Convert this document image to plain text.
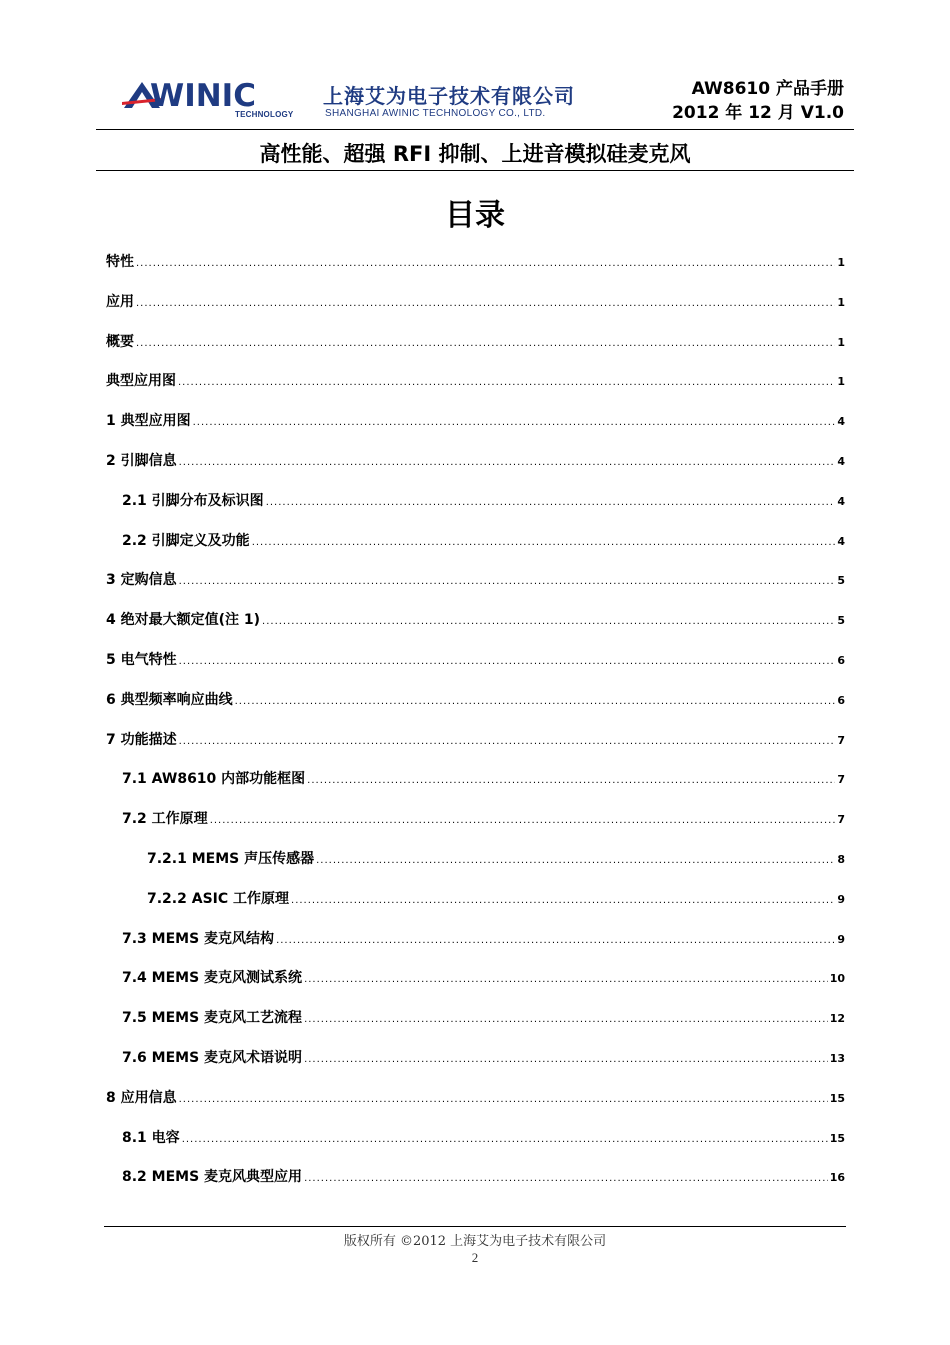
WINIC
TECHNOLOGY
上海艾为电子技术有限公司
SHANGHAI AWINIC TECHNOLOGY CO., LTD.
AW8610 产品手册
2012 年 12 月 V1.0
高性能、超强 RFI 抑制、上进音模拟硅麦克风
目录
特性 .....	1
应用 .....	1
概要 .....	1
典型应用图 .....	1
1 典型应用图 .....	4
2 引脚信息 .....	4
2.1 引脚分布及标识图 .....	4
2.2 引脚定义及功能 .....	4
3 定购信息 .....	5
4 绝对最大额定值(注 1) .....	5
5 电气特性 .....	6
6 典型频率响应曲线 .....	6
7 功能描述 .....	7
7.1 AW8610 内部功能框图 .....	7
7.2 工作原理 .....	7
7.2.1 MEMS 声压传感器 .....	8
7.2.2 ASIC 工作原理 .....	9
7.3 MEMS 麦克风结构 .....	9
7.4 MEMS 麦克风测试系统 .....	10
7.5 MEMS 麦克风工艺流程 .....	12
7.6 MEMS 麦克风术语说明 .....	13
8 应用信息 .....	15
8.1 电容 .....	15
8.2 MEMS 麦克风典型应用 .....	16
版权所有 ©2012 上海艾为电子技术有限公司
2
